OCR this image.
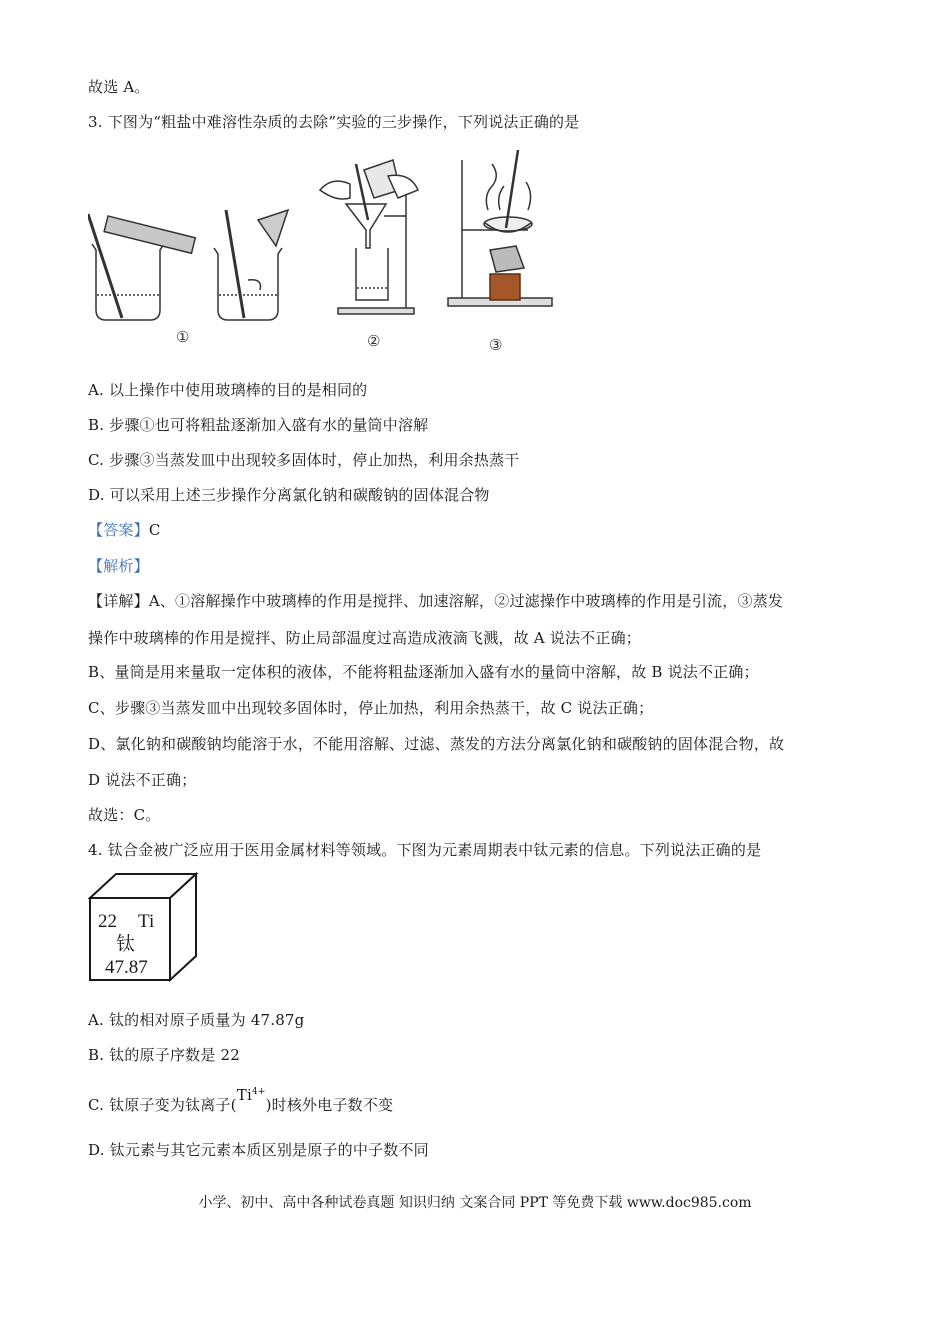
故选 A。
3. 下图为“粗盐中难溶性杂质的去除”实验的三步操作，下列说法正确的是
①	②	③
A. 以上操作中使用玻璃棒的目的是相同的
B. 步骤①也可将粗盐逐渐加入盛有水的量筒中溶解
C. 步骤③当蒸发皿中出现较多固体时，停止加热，利用余热蒸干
D. 可以采用上述三步操作分离氯化钠和碳酸钠的固体混合物
【答案】C
【解析】
【详解】A、①溶解操作中玻璃棒的作用是搅拌、加速溶解，②过滤操作中玻璃棒的作用是引流，③蒸发
操作中玻璃棒的作用是搅拌、防止局部温度过高造成液滴飞溅，故 A 说法不正确；
B、量筒是用来量取一定体积的液体，不能将粗盐逐渐加入盛有水的量筒中溶解，故 B 说法不正确；
C、步骤③当蒸发皿中出现较多固体时，停止加热，利用余热蒸干，故 C 说法正确；
D、氯化钠和碳酸钠均能溶于水，不能用溶解、过滤、蒸发的方法分离氯化钠和碳酸钠的固体混合物，故
D 说法不正确；
故选：C。
4. 钛合金被广泛应用于医用金属材料等领域。下图为元素周期表中钛元素的信息。下列说法正确的是
22 Ti
钛
47.87
A. 钛的相对原子质量为 47.87g
B. 钛的原子序数是 22
C. 钛原子变为钛离子$(Ti^{4+})$时核外电子数不变
D. 钛元素与其它元素本质区别是原子的中子数不同
小学、初中、高中各种试卷真题 知识归纳 文案合同 PPT 等免费下载 www.doc985.com
